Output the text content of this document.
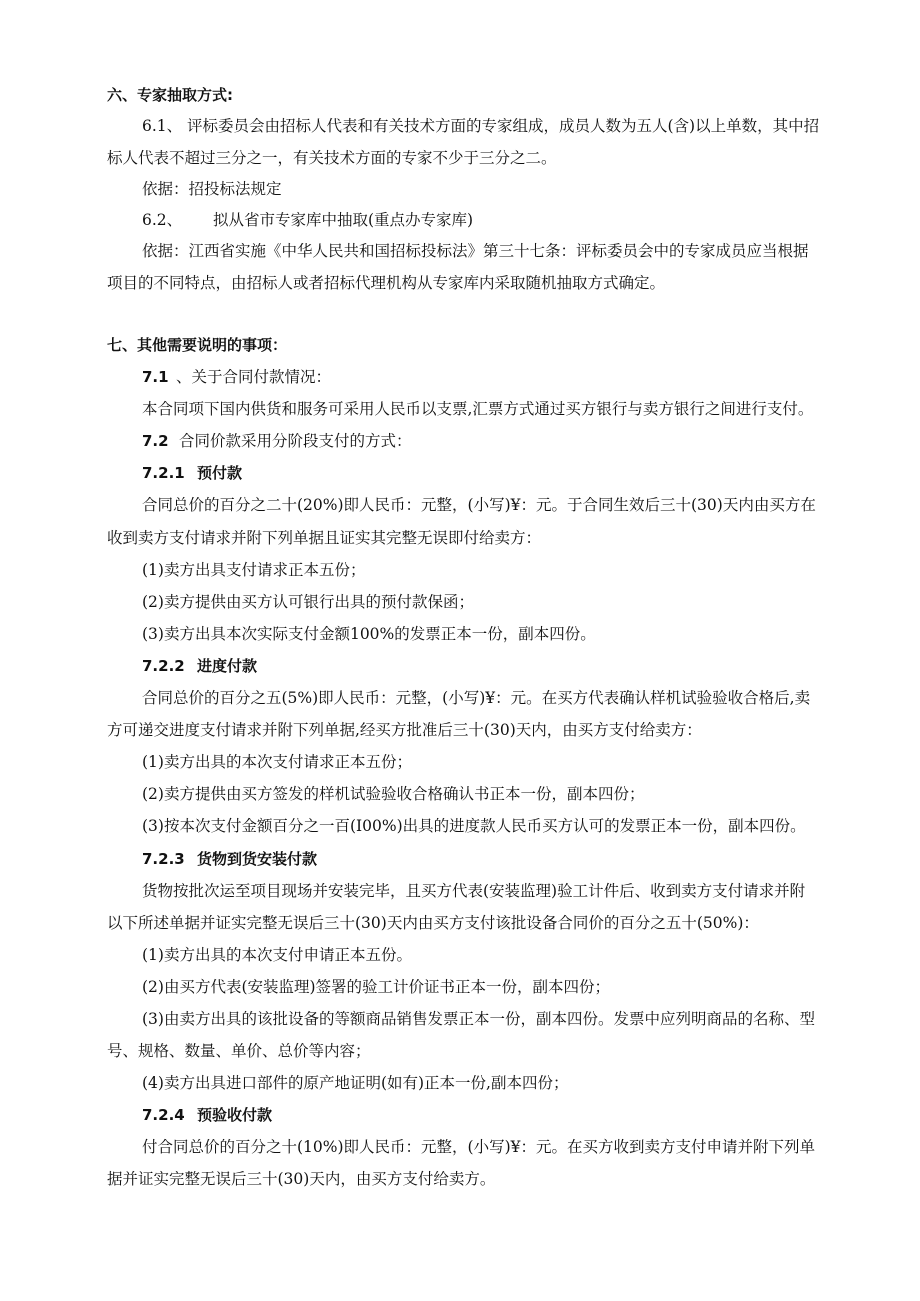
六、专家抽取方式:
6.1、 评标委员会由招标人代表和有关技术方面的专家组成，成员人数为五人(含)以上单数，其中招
标人代表不超过三分之一，有关技术方面的专家不少于三分之二。
依据：招投标法规定
6.2、 拟从省市专家库中抽取(重点办专家库)
依据：江西省实施《中华人民共和国招标投标法》第三十七条：评标委员会中的专家成员应当根据
项目的不同特点，由招标人或者招标代理机构从专家库内采取随机抽取方式确定。
七、其他需要说明的事项：
7.1 、关于合同付款情况：
本合同项下国内供货和服务可采用人民币以支票,汇票方式通过买方银行与卖方银行之间进行支付。
7.2 合同价款采用分阶段支付的方式：
7.2.1 预付款
合同总价的百分之二十(20%)即人民币：元整，(小写)¥：元。于合同生效后三十(30)天内由买方在
收到卖方支付请求并附下列单据且证实其完整无误即付给卖方：
(1)卖方出具支付请求正本五份；
(2)卖方提供由买方认可银行出具的预付款保函；
(3)卖方出具本次实际支付金额100%的发票正本一份，副本四份。
7.2.2 进度付款
合同总价的百分之五(5%)即人民币：元整，(小写)¥：元。在买方代表确认样机试验验收合格后,卖
方可递交进度支付请求并附下列单据,经买方批准后三十(30)天内，由买方支付给卖方：
(1)卖方出具的本次支付请求正本五份；
(2)卖方提供由买方签发的样机试验验收合格确认书正本一份，副本四份；
(3)按本次支付金额百分之一百(I00%)出具的进度款人民币买方认可的发票正本一份，副本四份。
7.2.3 货物到货安装付款
货物按批次运至项目现场并安装完毕，且买方代表(安装监理)验工计件后、收到卖方支付请求并附
以下所述单据并证实完整无误后三十(30)天内由买方支付该批设备合同价的百分之五十(50%)：
(1)卖方出具的本次支付申请正本五份。
(2)由买方代表(安装监理)签署的验工计价证书正本一份，副本四份；
(3)由卖方出具的该批设备的等额商品销售发票正本一份，副本四份。发票中应列明商品的名称、型
号、规格、数量、单价、总价等内容；
(4)卖方出具进口部件的原产地证明(如有)正本一份,副本四份；
7.2.4 预验收付款
付合同总价的百分之十(10%)即人民币：元整，(小写)¥：元。在买方收到卖方支付申请并附下列单
据并证实完整无误后三十(30)天内，由买方支付给卖方。
